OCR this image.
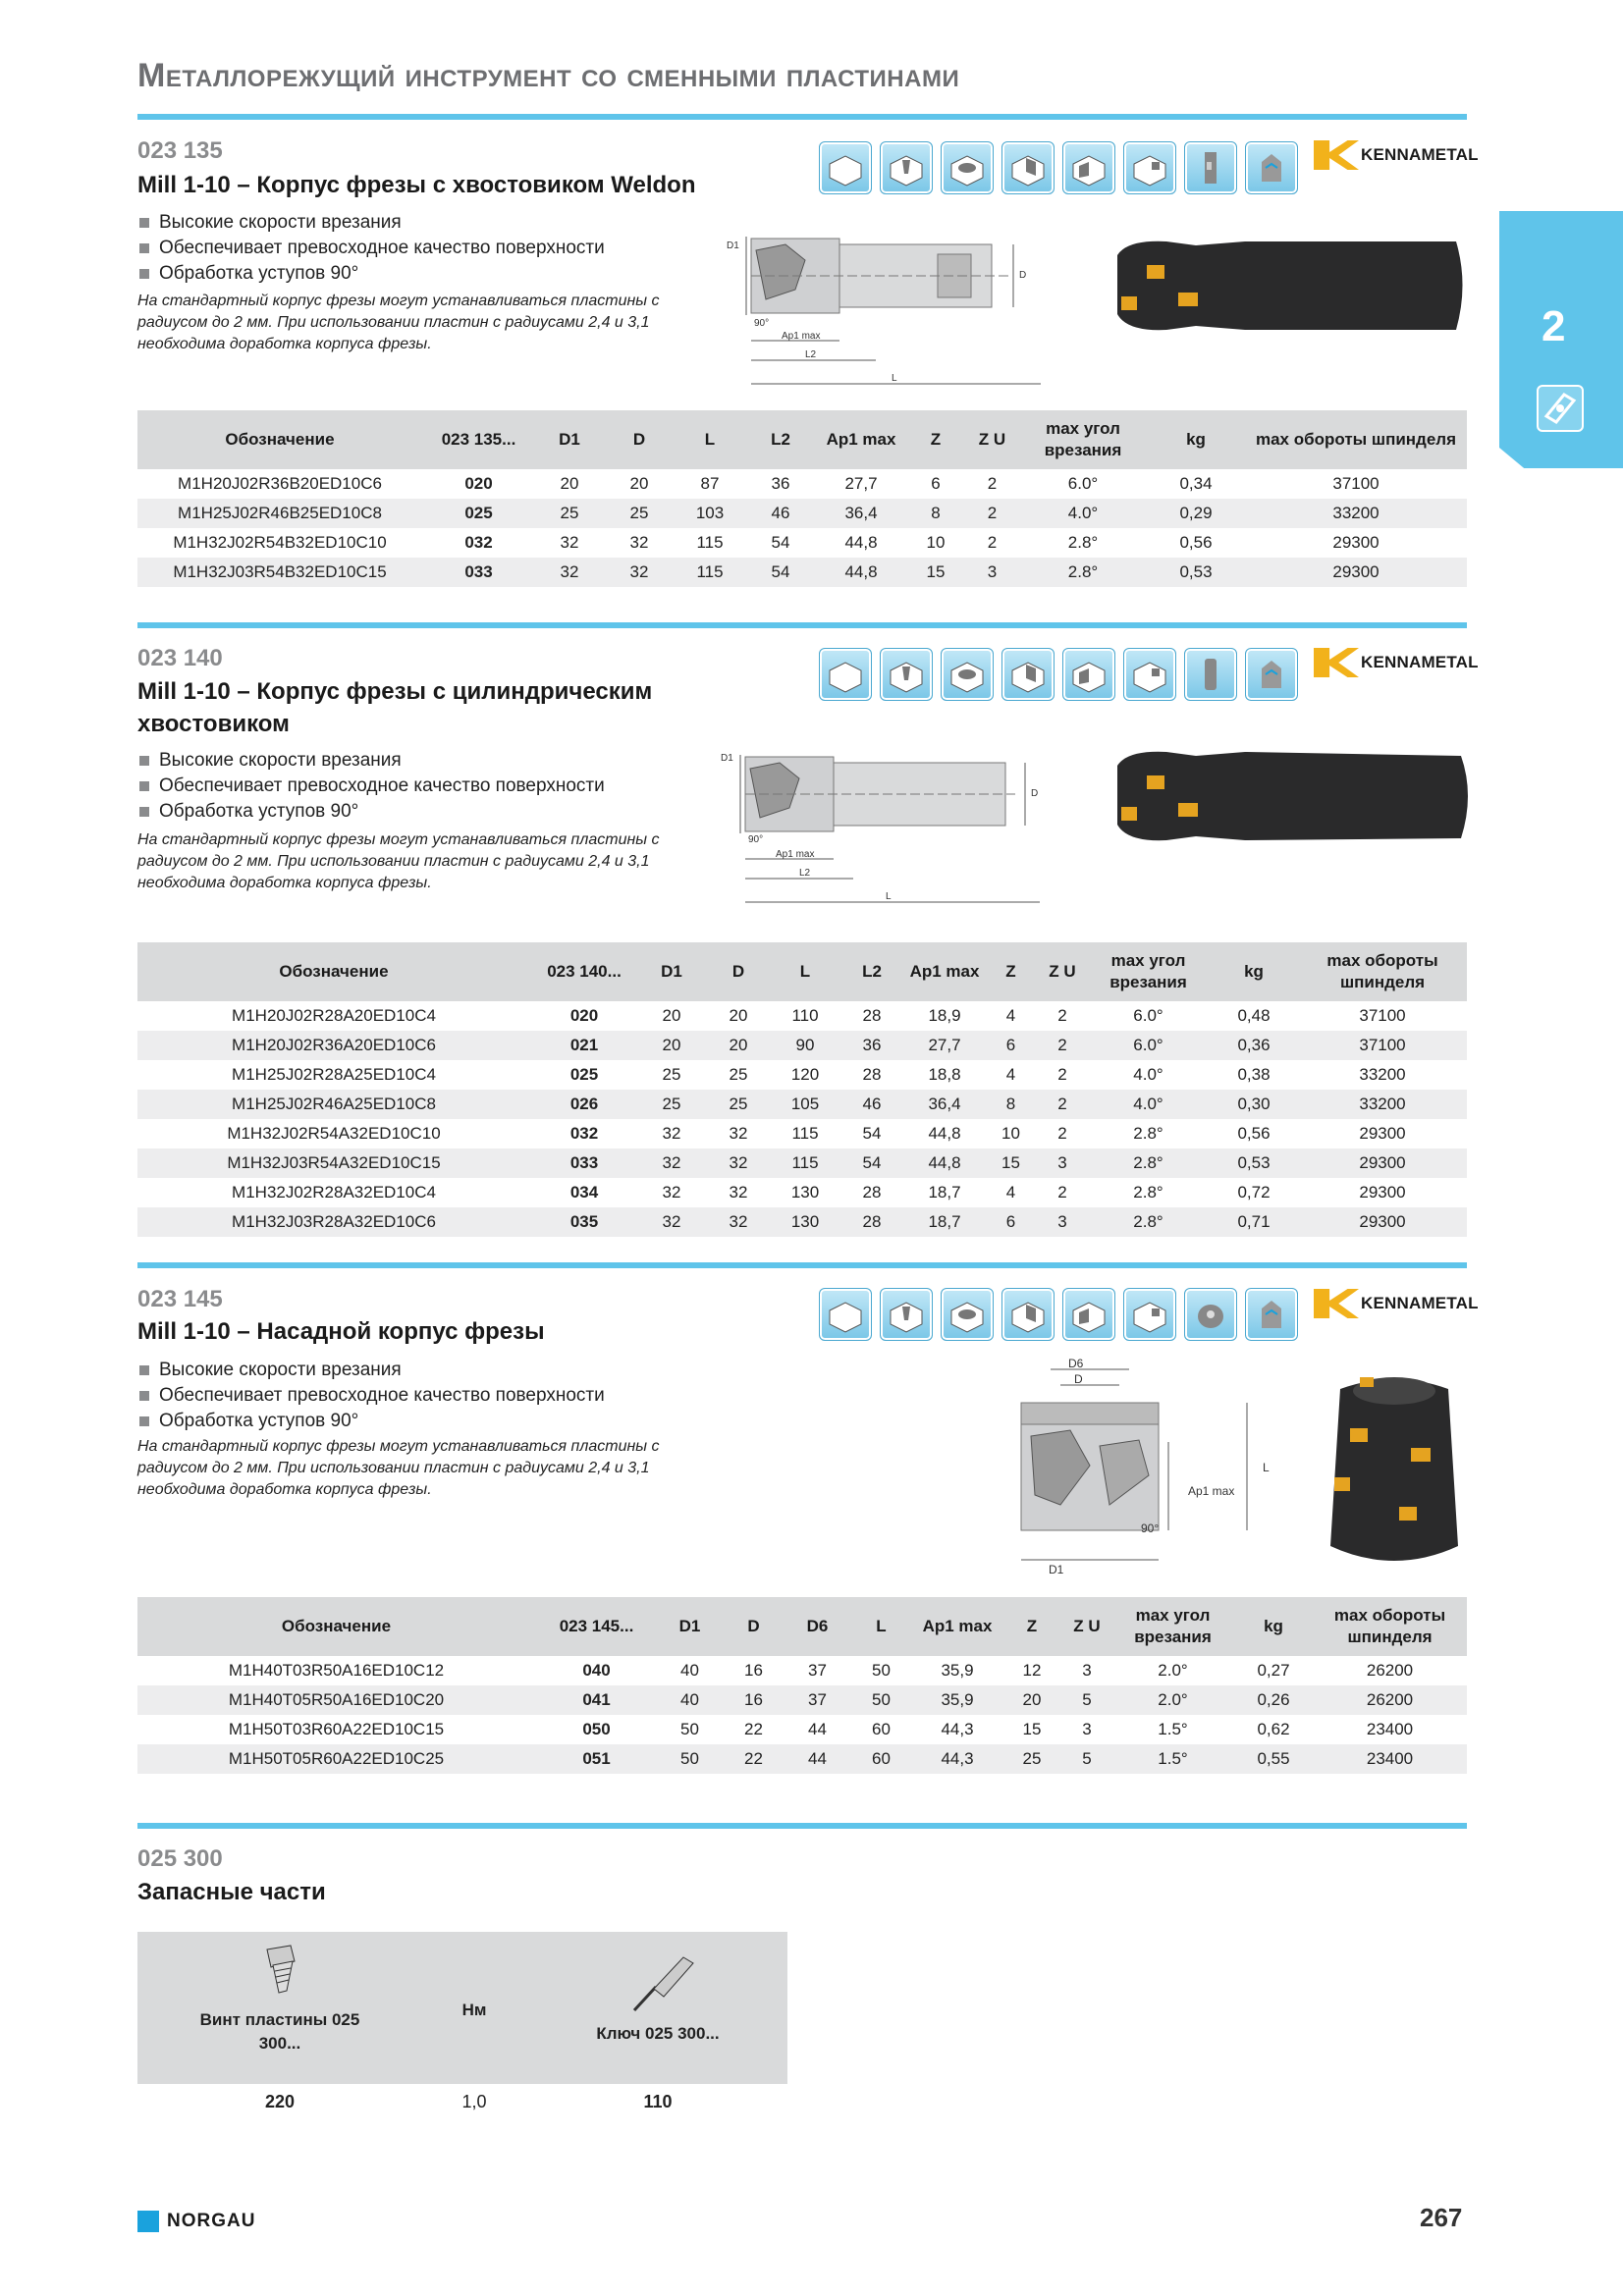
Металлорежущий инструмент со сменными пластинами
2
023 135
Mill 1-10 – Корпус фрезы с хвостовиком Weldon
Высокие скорости врезания
Обеспечивает превосходное качество поверхности
Обработка уступов 90°
На стандартный корпус фрезы могут устанавливаться пластины с радиусом до 2 мм. При использовании пластин с радиусами 2,4 и 3,1 необходима доработка корпуса фрезы.
KENNAMETAL
D1
D
Ap1 max
L2
L
90°
Обозначение	023 135...	D1	D	L	L2	Ap1 max	Z	Z U	max угол врезания	kg	max обороты шпинделя
M1H20J02R36B20ED10C6	020	20	20	87	36	27,7	6	2	6.0°	0,34	37100
M1H25J02R46B25ED10C8	025	25	25	103	46	36,4	8	2	4.0°	0,29	33200
M1H32J02R54B32ED10C10	032	32	32	115	54	44,8	10	2	2.8°	0,56	29300
M1H32J03R54B32ED10C15	033	32	32	115	54	44,8	15	3	2.8°	0,53	29300
023 140
Mill 1-10 – Корпус фрезы с цилиндрическим хвостовиком
Высокие скорости врезания
Обеспечивает превосходное качество поверхности
Обработка уступов 90°
На стандартный корпус фрезы могут устанавливаться пластины с радиусом до 2 мм. При использовании пластин с радиусами 2,4 и 3,1 необходима доработка корпуса фрезы.
KENNAMETAL
D1
D
Ap1 max
L2
L
90°
Обозначение	023 140...	D1	D	L	L2	Ap1 max	Z	Z U	max угол врезания	kg	max обороты шпинделя
M1H20J02R28A20ED10C4	020	20	20	110	28	18,9	4	2	6.0°	0,48	37100
M1H20J02R36A20ED10C6	021	20	20	90	36	27,7	6	2	6.0°	0,36	37100
M1H25J02R28A25ED10C4	025	25	25	120	28	18,8	4	2	4.0°	0,38	33200
M1H25J02R46A25ED10C8	026	25	25	105	46	36,4	8	2	4.0°	0,30	33200
M1H32J02R54A32ED10C10	032	32	32	115	54	44,8	10	2	2.8°	0,56	29300
M1H32J03R54A32ED10C15	033	32	32	115	54	44,8	15	3	2.8°	0,53	29300
M1H32J02R28A32ED10C4	034	32	32	130	28	18,7	4	2	2.8°	0,72	29300
M1H32J03R28A32ED10C6	035	32	32	130	28	18,7	6	3	2.8°	0,71	29300
023 145
Mill 1-10 – Насадной корпус фрезы
Высокие скорости врезания
Обеспечивает превосходное качество поверхности
Обработка уступов 90°
На стандартный корпус фрезы могут устанавливаться пластины с радиусом до 2 мм. При использовании пластин с радиусами 2,4 и 3,1 необходима доработка корпуса фрезы.
KENNAMETAL
D6
D
Ap1 max
L
90°
D1
Обозначение	023 145...	D1	D	D6	L	Ap1 max	Z	Z U	max угол врезания	kg	max обороты шпинделя
M1H40T03R50A16ED10C12	040	40	16	37	50	35,9	12	3	2.0°	0,27	26200
M1H40T05R50A16ED10C20	041	40	16	37	50	35,9	20	5	2.0°	0,26	26200
M1H50T03R60A22ED10C15	050	50	22	44	60	44,3	15	3	1.5°	0,62	23400
M1H50T05R60A22ED10C25	051	50	22	44	60	44,3	25	5	1.5°	0,55	23400
025 300
Запасные части
Винт пластины 025 300...
Нм
Ключ 025 300...
220	1,0	110
NORGAU	267
